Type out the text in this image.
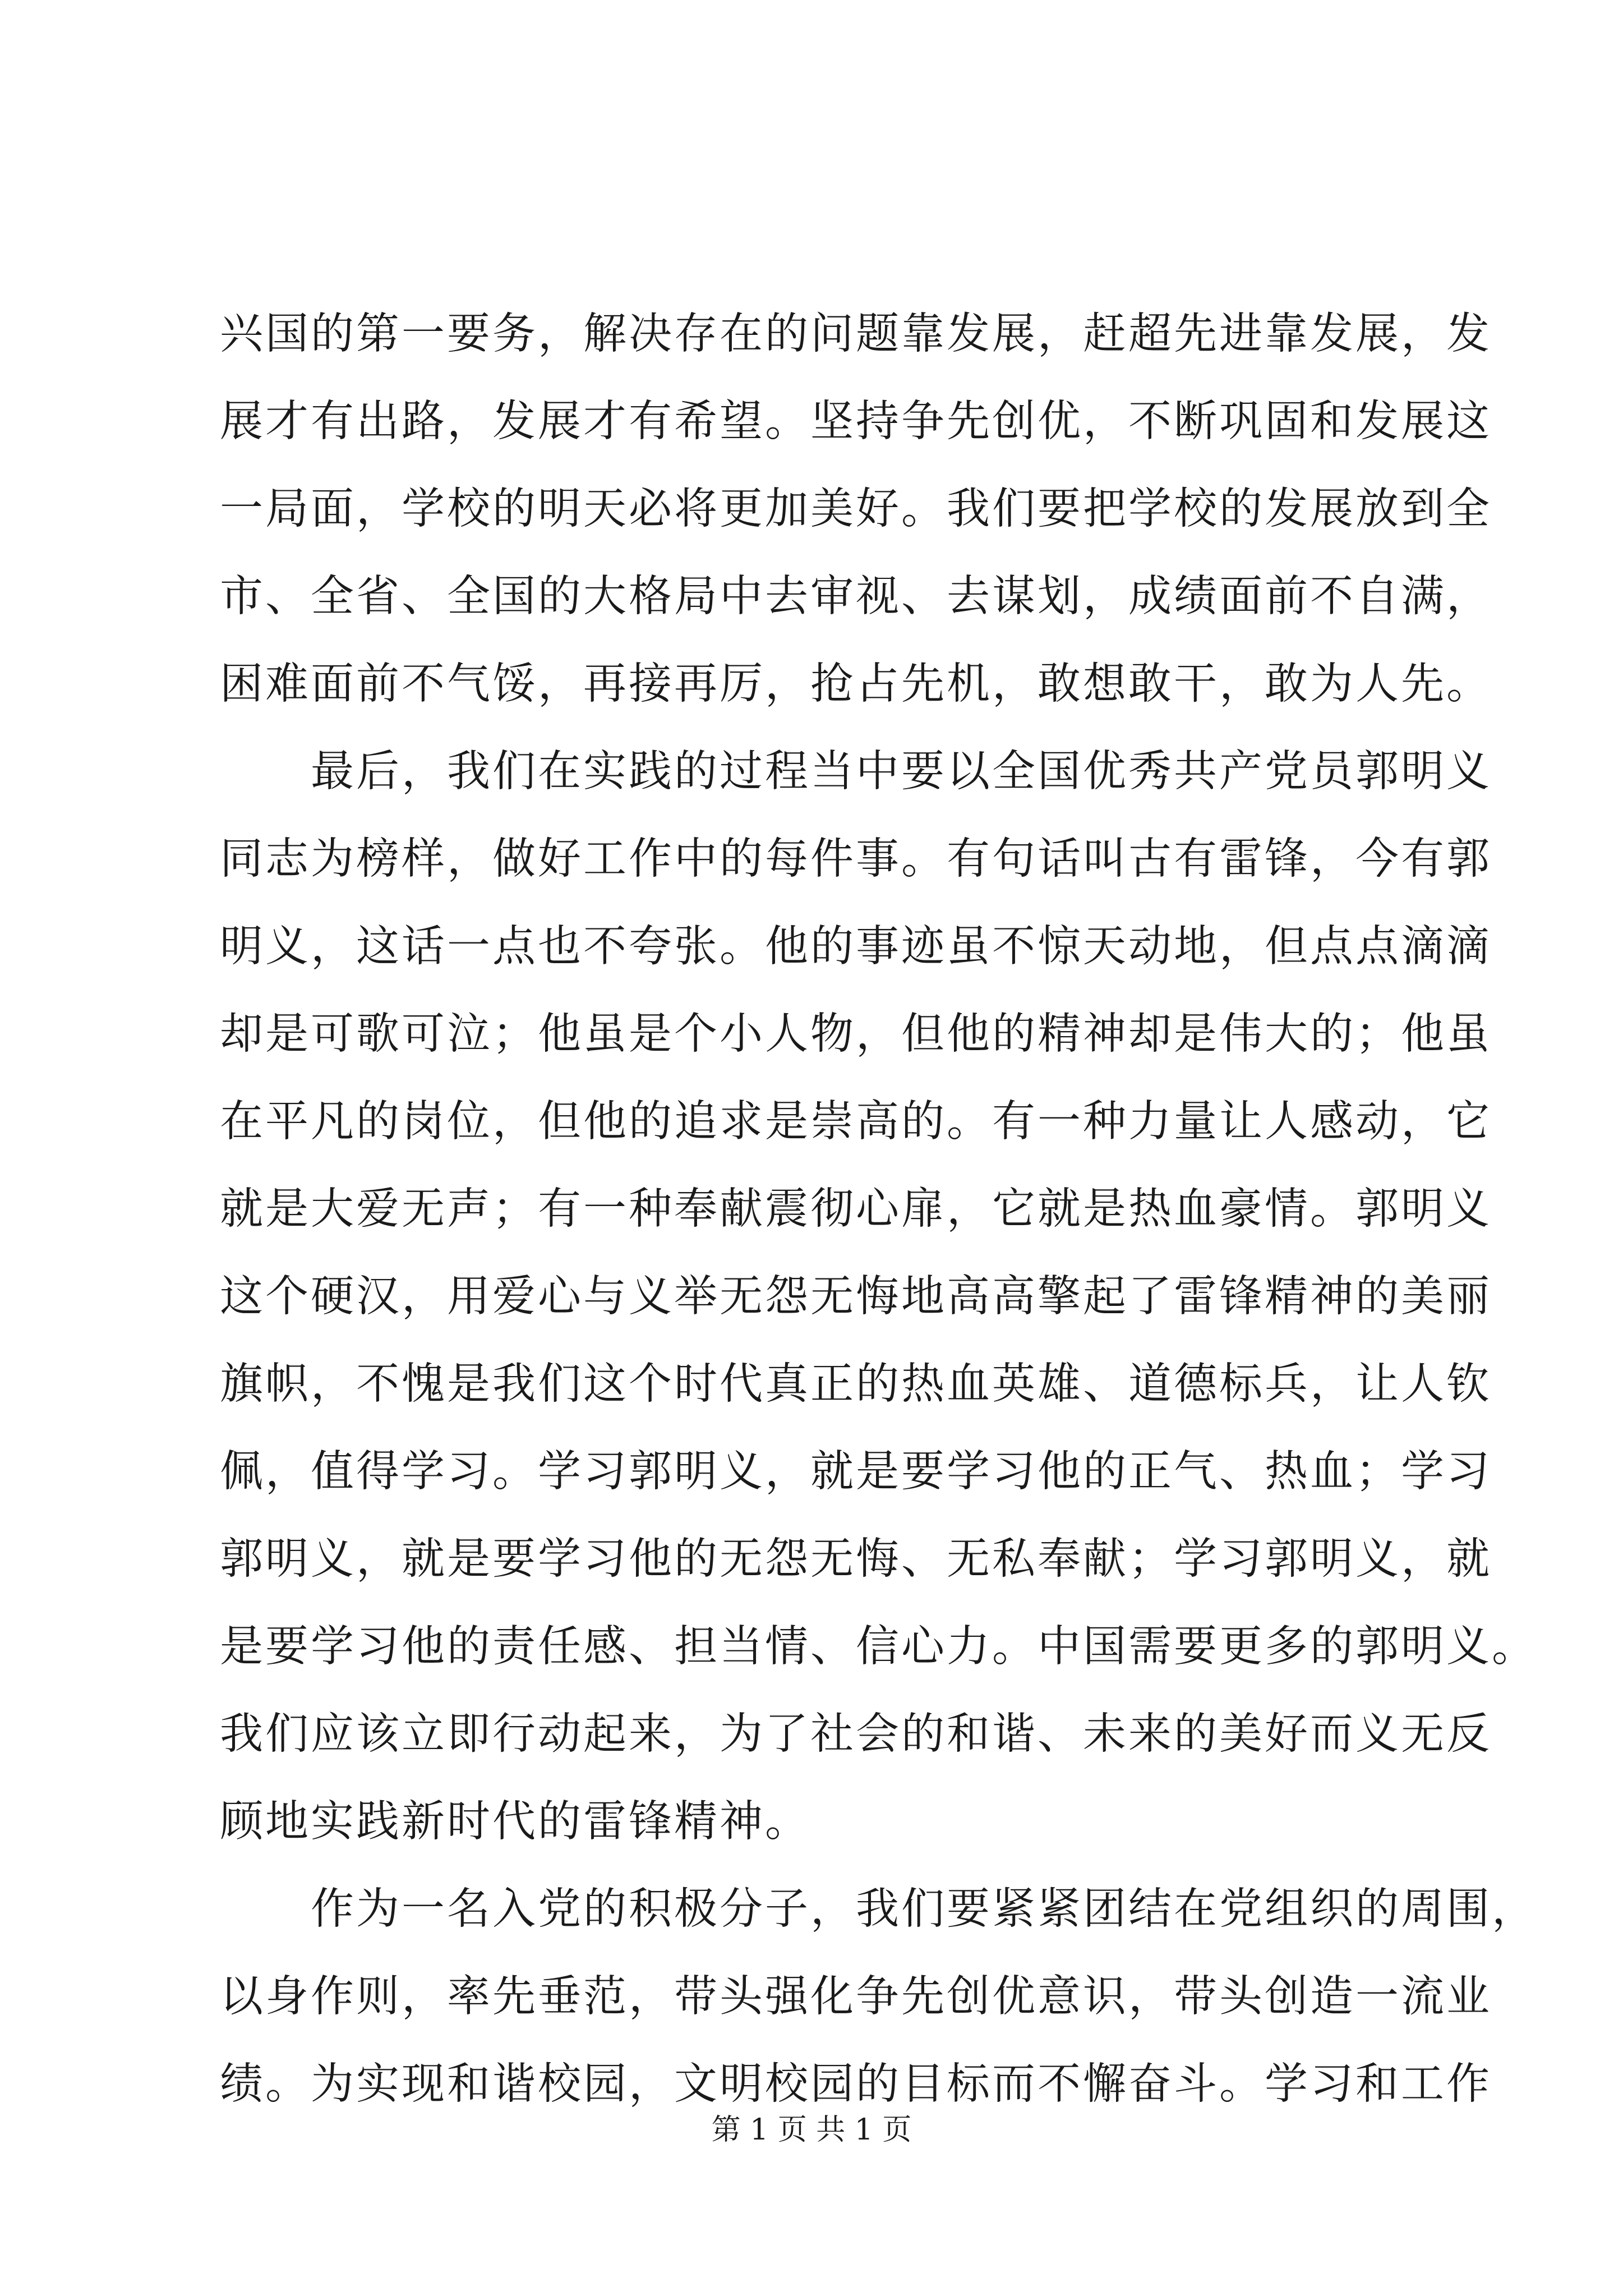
兴国的第一要务，解决存在的问题靠发展，赶超先进靠发展，发
展才有出路，发展才有希望。坚持争先创优，不断巩固和发展这
一局面，学校的明天必将更加美好。我们要把学校的发展放到全
市、全省、全国的大格局中去审视、去谋划，成绩面前不自满，
困难面前不气馁，再接再厉，抢占先机，敢想敢干，敢为人先。
　　最后，我们在实践的过程当中要以全国优秀共产党员郭明义
同志为榜样，做好工作中的每件事。有句话叫古有雷锋，今有郭
明义，这话一点也不夸张。他的事迹虽不惊天动地，但点点滴滴
却是可歌可泣；他虽是个小人物，但他的精神却是伟大的；他虽
在平凡的岗位，但他的追求是崇高的。有一种力量让人感动，它
就是大爱无声；有一种奉献震彻心扉，它就是热血豪情。郭明义
这个硬汉，用爱心与义举无怨无悔地高高擎起了雷锋精神的美丽
旗帜，不愧是我们这个时代真正的热血英雄、道德标兵，让人钦
佩，值得学习。学习郭明义，就是要学习他的正气、热血；学习
郭明义，就是要学习他的无怨无悔、无私奉献；学习郭明义，就
是要学习他的责任感、担当情、信心力。中国需要更多的郭明义。
我们应该立即行动起来，为了社会的和谐、未来的美好而义无反
顾地实践新时代的雷锋精神。
　　作为一名入党的积极分子，我们要紧紧团结在党组织的周围，
以身作则，率先垂范，带头强化争先创优意识，带头创造一流业
绩。为实现和谐校园，文明校园的目标而不懈奋斗。学习和工作
第 1 页 共 1 页
